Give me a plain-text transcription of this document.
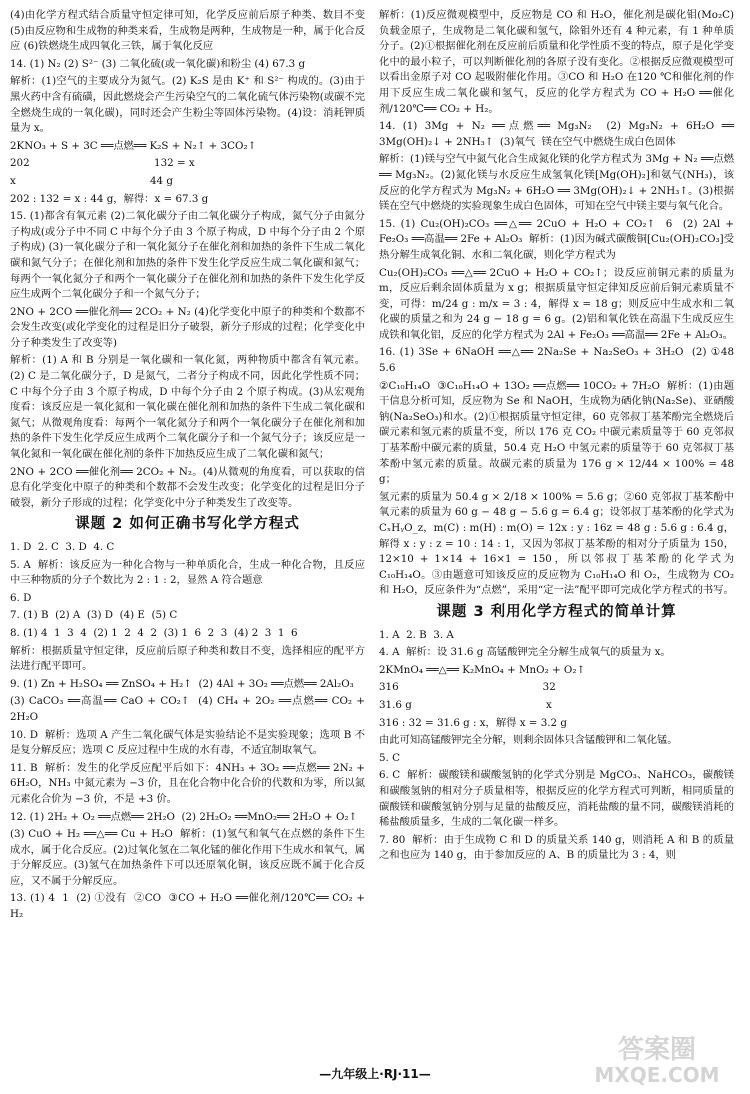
(4)由化学方程式结合质量守恒定律可知，化学反应前后原子种类、数目不变 (5)由反应物和生成物的种类来看，生成物是两种，生成物是一种，属于化合反应 (6)铁燃烧生成四氧化三铁，属于氧化反应

14. (1) N₂ (2) S²⁻ (3) 二氧化硫(或一氧化碳)和粉尘 (4) 67.3 g

解析：(1)空气的主要成分为氮气。(2) K₂S 是由 K⁺ 和 S²⁻ 构成的。(3)由于黑火药中含有硫磺，因此燃烧会产生污染空气的二氧化硫气体污染物(或碳不完全燃烧生成的一氧化碳)，同时还会产生粉尘等固体污染物。(4)设：消耗钾质量为 x。

2KNO₃ + S + 3C ══点燃══ K₂S + N₂↑ + 3CO₂↑

202                                      132 = x

x                                         44 g

202 : 132 = x : 44 g，解得：x = 67.3 g

15. (1)都含有氧元素 (2)二氧化碳分子由二氧化碳分子构成，氮气分子由氮分子构成(或分子中不同 C 中每个分子由 3 个原子构成，D 中每个分子由 2 个原子构成) (3)一氧化碳分子和一氧化氮分子在催化剂和加热的条件下生成二氧化碳和氮气分子；在催化剂和加热的条件下发生化学反应生成二氧化碳和氮气；每两个一氧化氮分子和两个一氧化碳分子在催化剂和加热的条件下发生化学反应生成两个二氧化碳分子和一个氮气分子；

2NO + 2CO ══催化剂══ 2CO₂ + N₂ (4)化学变化中原子的种类和个数都不会发生改变(或化学变化的过程是旧分子破裂，新分子形成的过程；化学变化中分子种类发生了改变等)

解析：(1) A 和 B 分别是一氧化碳和一氧化氮，两种物质中都含有氧元素。(2) C 是二氧化碳分子，D 是氮气，二者分子构成不同，因此化学性质不同；C 中每个分子由 3 个原子构成，D 中每个分子由 2 个原子构成。(3)从宏观角度看：该反应是一氧化氮和一氧化碳在催化剂和加热的条件下生成二氧化碳和氮气；从微观角度看：每两个一氧化氮分子和两个一氧化碳分子在催化剂和加热的条件下发生化学反应生成两个二氧化碳分子和一个氮气分子；该反应是一氧化氮和一氧化碳在催化剂的条件下加热反应生成了二氧化碳和氮气；

2NO + 2CO ══催化剂══ 2CO₂ + N₂。(4)从微观的角度看，可以获取的信息有化学变化中原子的种类和个数都不会发生改变；化学变化的过程是旧分子破裂，新分子形成的过程；化学变化中分子种类发生了改变等。

课题 2 如何正确书写化学方程式

1. D  2. C  3. D  4. C

5. A  解析：该反应为一种化合物与一种单质化合，生成一种化合物，且反应中三种物质的分子个数比为 2 : 1 : 2，显然 A 符合题意

6. D

7. (1) B  (2) A  (3) D  (4) E  (5) C

8. (1) 4  1  3  4  (2) 1  2  4  2  (3) 1  6  2  3  (4) 2  3  1  6

解析：根据质量守恒定律，反应前后原子种类和数目不变，选择相应的配平方法进行配平即可。

9. (1) Zn + H₂SO₄ ══ ZnSO₄ + H₂↑  (2) 4Al + 3O₂ ══点燃══ 2Al₂O₃

(3) CaCO₃ ══高温══ CaO + CO₂↑  (4) CH₄ + 2O₂ ══点燃══ CO₂ + 2H₂O

10. D  解析：选项 A 产生二氧化碳气体是实验结论不是实验现象；选项 B 不是复分解反应；选项 C 反应过程中生成的水有毒，不适宜制取氧气。

11. B  解析：发生的化学反应配平后如下：4NH₃ + 3O₂ ══点燃══ 2N₂ + 6H₂O，NH₃ 中氮元素为 −3 价，且在化合物中化合价的代数和为零，所以氮元素化合价为 −3 价，不是 +3 价。

12. (1) 2H₂ + O₂ ══点燃══ 2H₂O  (2) 2H₂O₂ ══MnO₂══ 2H₂O + O₂↑

(3) CuO + H₂ ══△══ Cu + H₂O  解析：(1)氢气和氧气在点燃的条件下生成水，属于化合反应。(2)过氧化氢在二氧化锰的催化作用下生成水和氧气，属于分解反应。(3)氢气在加热条件下可以还原氧化铜，该反应既不属于化合反应，又不属于分解反应。

13. (1) 4  1  (2) ①没有  ②CO  ③CO + H₂O ══催化剂/120℃══ CO₂ + H₂

解析：(1)反应微观模型中，反应物是 CO 和 H₂O，催化剂是碳化钼(Mo₂C)负载金原子，生成物是二氧化碳和氢气，除钼外还有 4 种元素，有 1 种单质分子。(2)①根据催化剂在反应前后质量和化学性质不变的特点，原子是化学变化中的最小粒子，可以判断催化剂的各原子没有变化。②根据反应微观模型可以看出金原子对 CO 起吸附催化作用。③CO 和 H₂O 在120 ℃和催化剂的作用下反应生成二氧化碳和氢气，反应的化学方程式为 CO + H₂O ══催化剂/120℃══ CO₂ + H₂。

14. (1) 3Mg + N₂ ══点燃══ Mg₃N₂  (2) Mg₃N₂ + 6H₂O ══ 3Mg(OH)₂↓ + 2NH₃↑  (3)氧气  镁在空气中燃烧生成白色固体

解析：(1)镁与空气中氮气化合生成氮化镁的化学方程式为 3Mg + N₂ ══点燃══ Mg₃N₂。(2)氮化镁与水反应生成氢氧化镁[Mg(OH)₂]和氨气(NH₃)，该反应的化学方程式为 Mg₃N₂ + 6H₂O ══ 3Mg(OH)₂↓ + 2NH₃↑。(3)根据镁在空气中燃烧的实验现象生成白色固体，可知在空气中镁主要与氧气化合。

15. (1) Cu₂(OH)₂CO₃ ══△══ 2CuO + H₂O + CO₂↑  6  (2) 2Al + Fe₂O₃ ══高温══ 2Fe + Al₂O₃  解析：(1)因为碱式碳酸铜[Cu₂(OH)₂CO₃]受热分解生成氧化铜、水和二氧化碳，则化学方程式为

Cu₂(OH)₂CO₃ ══△══ 2CuO + H₂O + CO₂↑；设反应前铜元素的质量为 m，反应后剩余固体质量为 x g；根据质量守恒定律知反应前后铜元素质量不变，可得：m/24 g : m/x = 3 : 4，解得 x = 18 g；则反应中生成水和二氧化碳的质量之和为 24 g − 18 g = 6 g。(2)铝和氧化铁在高温下生成反应生成铁和氧化铝，反应的化学方程式为 2Al + Fe₂O₃ ══高温══ 2Fe + Al₂O₃。

16. (1) 3Se + 6NaOH ══△══ 2Na₂Se + Na₂SeO₃ + 3H₂O  (2) ①48  5.6

②C₁₀H₁₄O  ③C₁₀H₁₄O + 13O₂ ══点燃══ 10CO₂ + 7H₂O  解析：(1)由题干信息分析可知，反应物为 Se 和 NaOH，生成物为硒化钠(Na₂Se)、亚硒酸钠(Na₂SeO₃)和水。(2)①根据质量守恒定律，60 克邻叔丁基苯酚完全燃烧后碳元素和氢元素的质量不变，所以 176 克 CO₂ 中碳元素质量等于 60 克邻叔丁基苯酚中碳元素的质量，50.4 克 H₂O 中氢元素的质量等于 60 克邻叔丁基苯酚中氢元素的质量。故碳元素的质量为 176 g × 12/44 × 100% = 48 g；

氢元素的质量为 50.4 g × 2/18 × 100% = 5.6 g；②60 克邻叔丁基苯酚中氧元素的质量为 60 g − 48 g − 5.6 g = 6.4 g；设邻叔丁基苯酚的化学式为 CₓHᵧO_z，m(C) : m(H) : m(O) = 12x : y : 16z = 48 g : 5.6 g : 6.4 g，解得 x : y : z = 10 : 14 : 1，又因为邻叔丁基苯酚的相对分子质量为 150，12×10 + 1×14 + 16×1 = 150，所以邻叔丁基苯酚的化学式为 C₁₀H₁₄O。③由题意可知该反应的反应物为 C₁₀H₁₄O 和 O₂，生成物为 CO₂ 和 H₂O，反应条件为“点燃”，采用“定一法”配平即可完成化学方程式的书写。

课题 3 利用化学方程式的简单计算

1. A  2. B  3. A

4. A  解析：设 31.6 g 高锰酸钾完全分解生成氧气的质量为 x。

2KMnO₄ ══△══ K₂MnO₄ + MnO₂ + O₂↑

316                                            32

31.6 g                                         x

316 : 32 = 31.6 g : x，解得 x = 3.2 g

由此可知高锰酸钾完全分解，则剩余固体只含锰酸钾和二氧化锰。

5. C

6. C  解析：碳酸镁和碳酸氢钠的化学式分别是 MgCO₃、NaHCO₃，碳酸镁和碳酸氢钠的相对分子质量相等，根据反应的化学方程式可判断，相同质量的碳酸镁和碳酸氢钠分别与足量的盐酸反应，消耗盐酸的量不同，碳酸镁消耗的稀盐酸质量多，生成的二氧化碳一样多。

7. 80  解析：由于生成物 C 和 D 的质量关系 140 g，则消耗 A 和 B 的质量之和也应为 140 g，由于参加反应的 A、B 的质量比为 3 : 4，则

—九年级上·RJ·11—
答案圈
MXQE.COM
